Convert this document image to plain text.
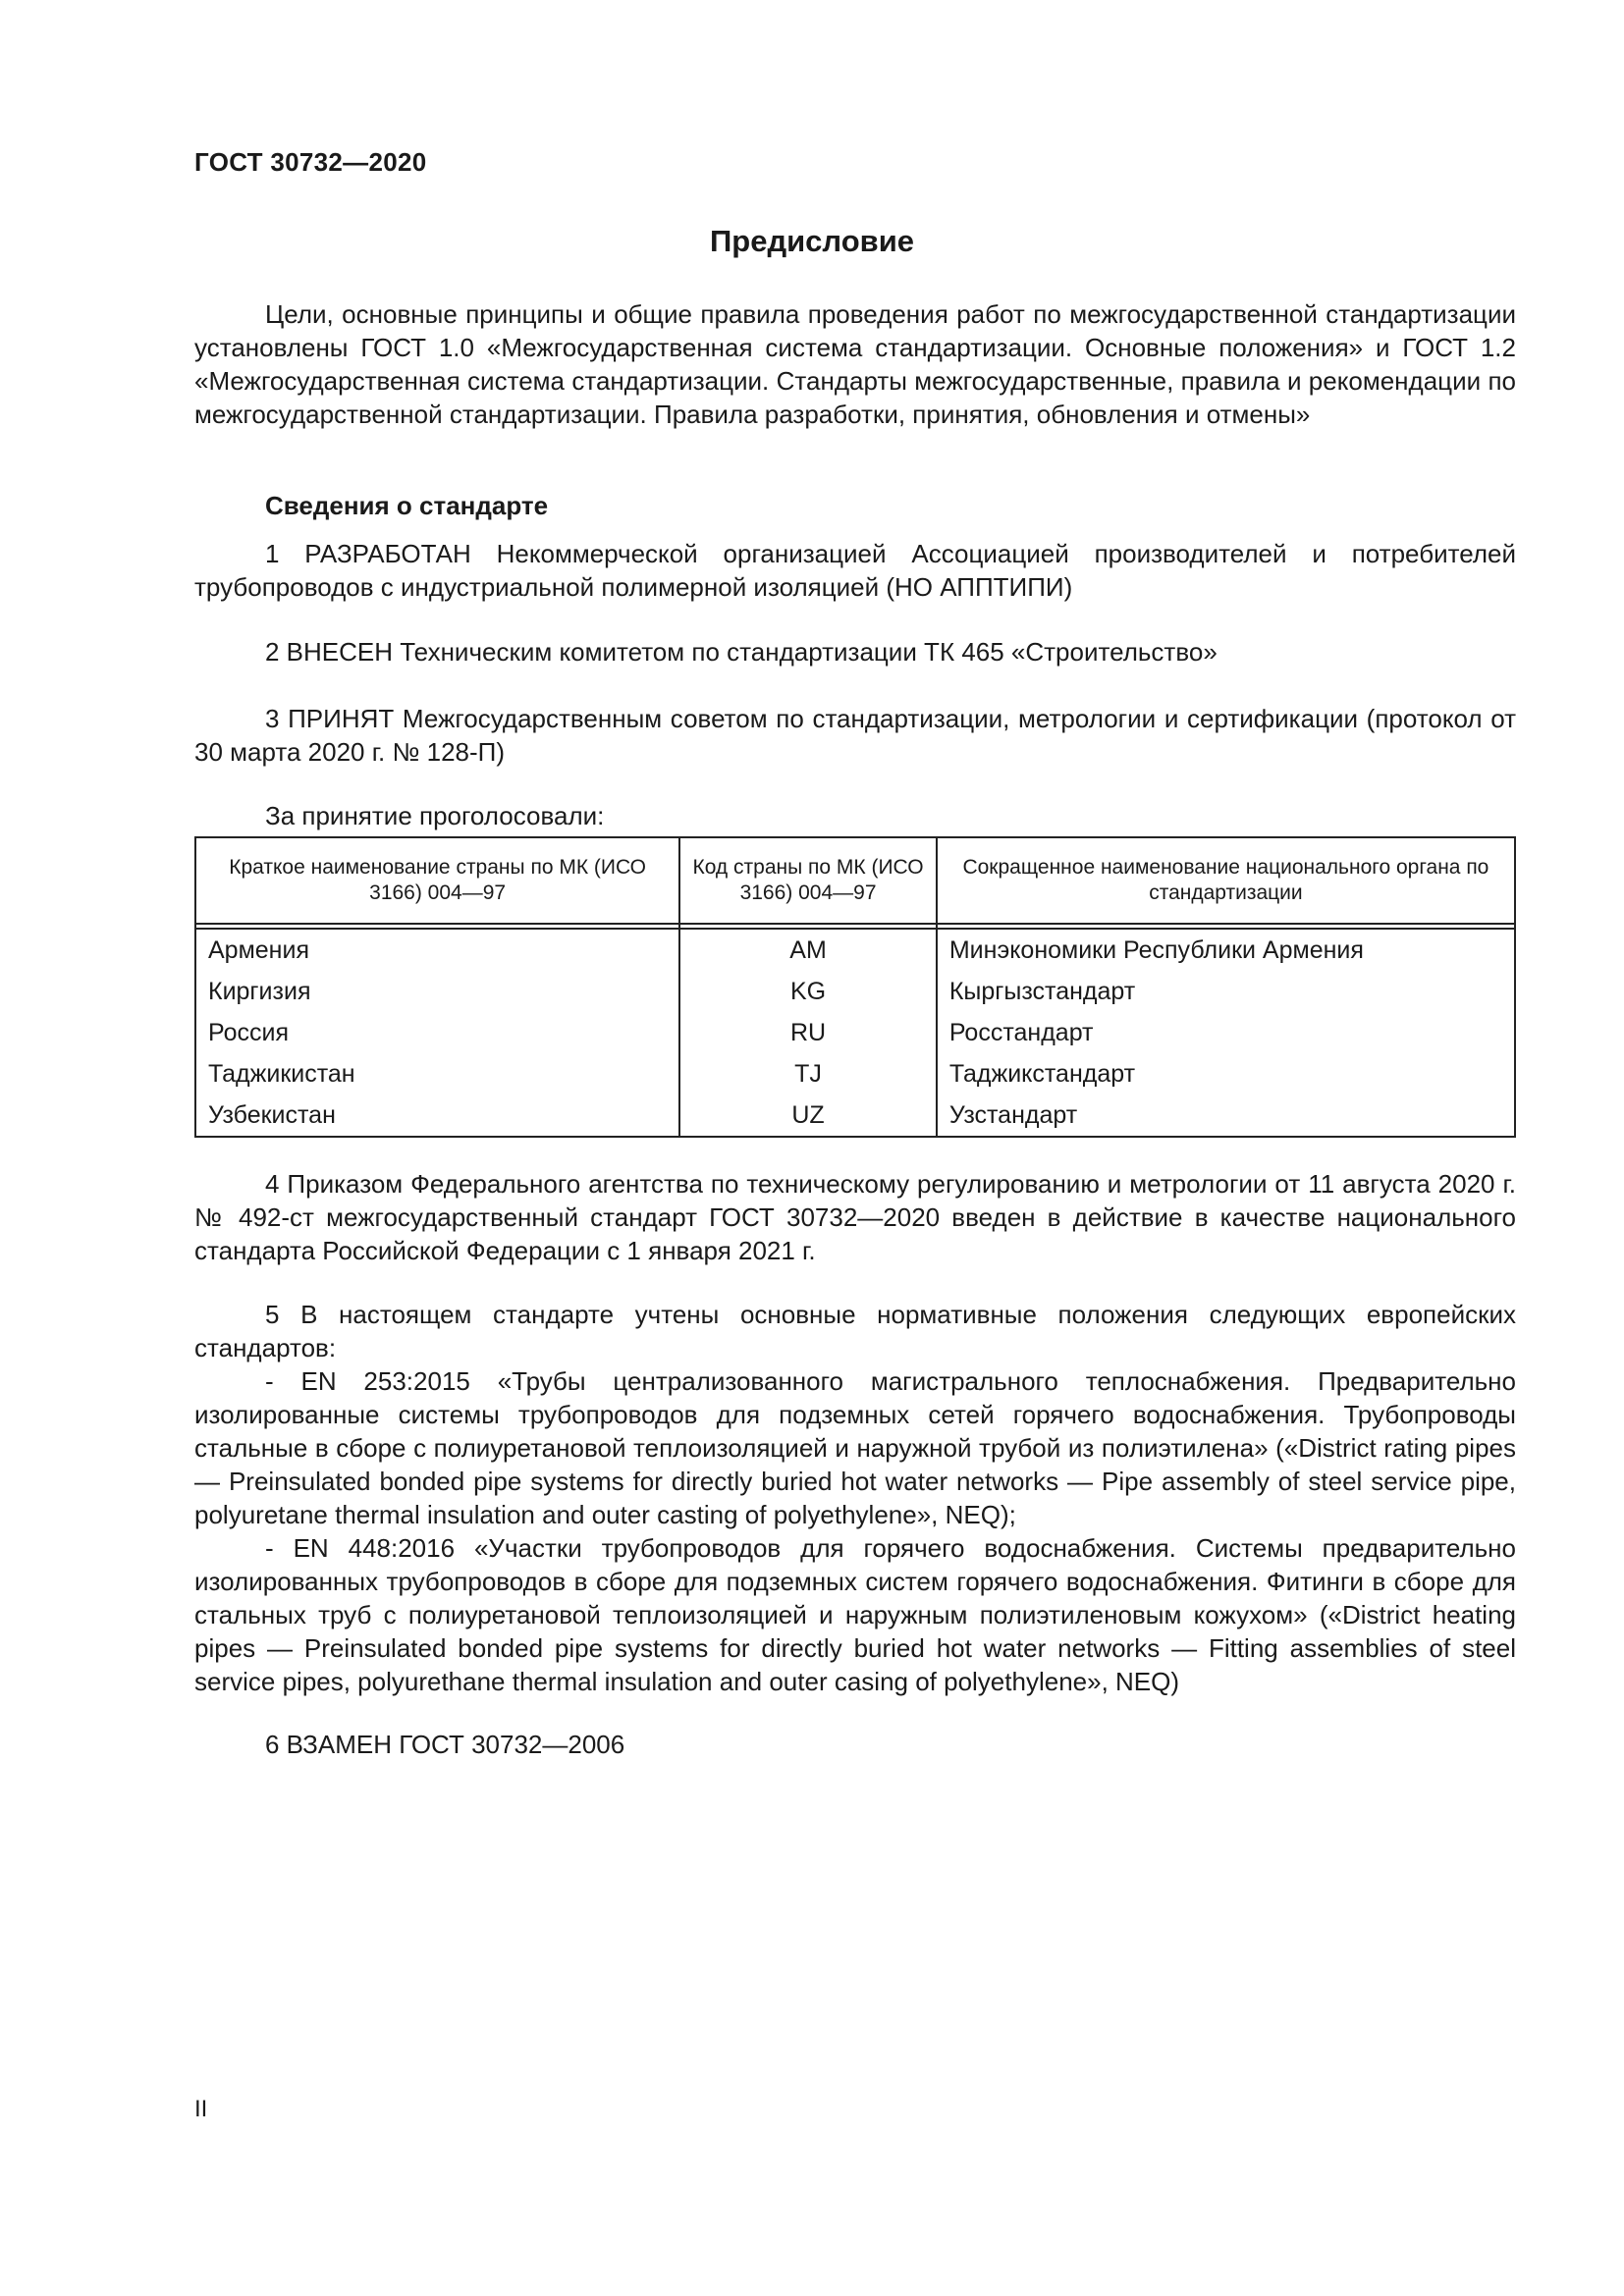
ГОСТ 30732—2020
Предисловие
Цели, основные принципы и общие правила проведения работ по межгосударственной стандартизации установлены ГОСТ 1.0 «Межгосударственная система стандартизации. Основные положения» и ГОСТ 1.2 «Межгосударственная система стандартизации. Стандарты межгосударственные, правила и рекомендации по межгосударственной стандартизации. Правила разработки, принятия, обновления и отмены»
Сведения о стандарте
1 РАЗРАБОТАН Некоммерческой организацией Ассоциацией производителей и потребителей трубопроводов с индустриальной полимерной изоляцией (НО АППТИПИ)
2 ВНЕСЕН Техническим комитетом по стандартизации ТК 465 «Строительство»
3 ПРИНЯТ Межгосударственным советом по стандартизации, метрологии и сертификации (протокол от 30 марта 2020 г. № 128-П)
За принятие проголосовали:
Краткое наименование страны по МК (ИСО 3166) 004—97	Код страны по МК (ИСО 3166) 004—97	Сокращенное наименование национального органа по стандартизации

Армения	AM	Минэкономики Республики Армения
Киргизия	KG	Кыргызстандарт
Россия	RU	Росстандарт
Таджикистан	TJ	Таджикстандарт
Узбекистан	UZ	Узстандарт
4 Приказом Федерального агентства по техническому регулированию и метрологии от 11 августа 2020 г. № 492-ст межгосударственный стандарт ГОСТ 30732—2020 введен в действие в качестве национального стандарта Российской Федерации с 1 января 2021 г.
5 В настоящем стандарте учтены основные нормативные положения следующих европейских стандартов:
- EN 253:2015 «Трубы централизованного магистрального теплоснабжения. Предварительно изолированные системы трубопроводов для подземных сетей горячего водоснабжения. Трубопроводы стальные в сборе с полиуретановой теплоизоляцией и наружной трубой из полиэтилена» («District rating pipes — Preinsulated bonded pipe systems for directly buried hot water networks — Pipe assembly of steel service pipe, polyuretane thermal insulation and outer casting of polyethylene», NEQ);
- EN 448:2016 «Участки трубопроводов для горячего водоснабжения. Системы предварительно изолированных трубопроводов в сборе для подземных систем горячего водоснабжения. Фитинги в сборе для стальных труб с полиуретановой теплоизоляцией и наружным полиэтиленовым кожухом» («District heating pipes — Preinsulated bonded pipe systems for directly buried hot water networks — Fitting assemblies of steel service pipes, polyurethane thermal insulation and outer casing of polyethylene», NEQ)
6 ВЗАМЕН ГОСТ 30732—2006
II
